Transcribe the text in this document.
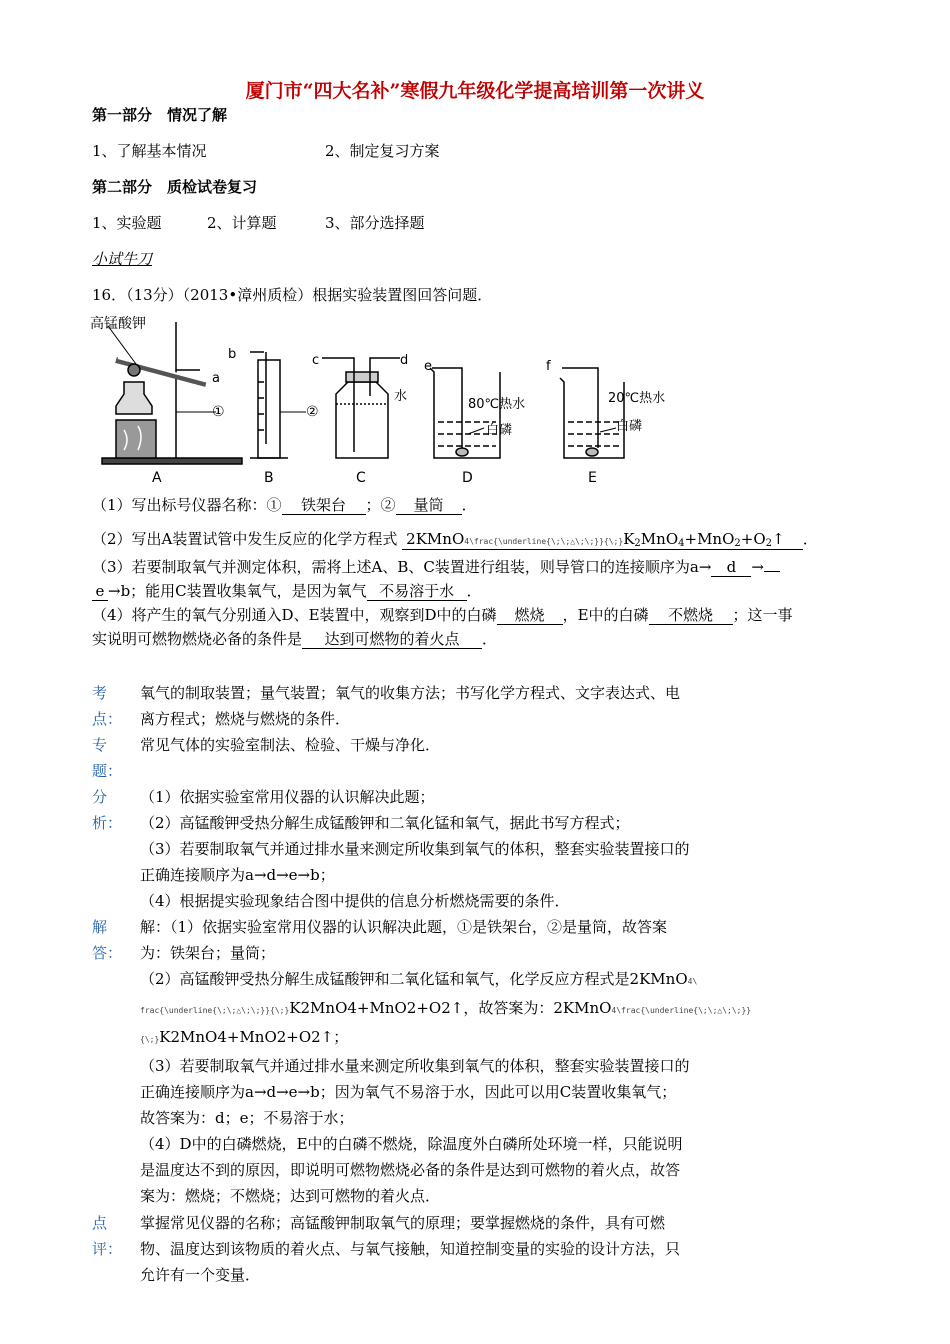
厦门市“四大名补”寒假九年级化学提高培训第一次讲义
第一部分　情况了解
1、了解基本情况	2、制定复习方案
第二部分　质检试卷复习
1、实验题	2、计算题	3、部分选择题
小试牛刀
16．（13分）（2013•漳州质检）根据实验装置图回答问题．
高锰酸钾
a
①
b
②
c	d
水
e
80℃热水
白磷
f
20℃热水
白磷
A	B	C	D	E
（1）写出标号仪器名称：① 铁架台 ；② 量筒 ．
（2）写出A装置试管中发生反应的化学方程式 $2KMnO4\backslash frac\{\backslash underline\{\backslash;\backslash;\triangle\backslash;\backslash;\}\}\{\backslash;\}K_2MnO_4+MnO_2+O_2↑$ ．
（3）若要制取氧气并测定体积，需将上述A、B、C装置进行组装，则导管口的连接顺序为a→ d →
e →b；能用C装置收集氧气，是因为氧气 不易溶于水 ．
（4）将产生的氧气分别通入D、E装置中，观察到D中的白磷 燃烧 ，E中的白磷 不燃烧 ；这一事
实说明可燃物燃烧必备的条件是 达到可燃物的着火点 ．
考
点：

氧气的制取装置；量气装置；氧气的收集方法；书写化学方程式、文字表达式、电

离方程式；燃烧与燃烧的条件．

专
题：

常见气体的实验室制法、检验、干燥与净化．

分
析：

（1）依据实验室常用仪器的认识解决此题；

（2）高锰酸钾受热分解生成锰酸钾和二氧化锰和氧气，据此书写方程式；

（3）若要制取氧气并通过排水量来测定所收集到氧气的体积，整套实验装置接口的

正确连接顺序为a→d→e→b；

（4）根据提实验现象结合图中提供的信息分析燃烧需要的条件．

解
答：

解：（1）依据实验室常用仪器的认识解决此题，①是铁架台，②是量筒，故答案

为：铁架台；量筒；

（2）高锰酸钾受热分解生成锰酸钾和二氧化锰和氧气，化学反应方程式是2KMnO4\

frac{\underline{\;\;△\;\;}}{\;}K2MnO4+MnO2+O2↑，故答案为：2KMnO4\frac{\underline{\;\;△\;\;}}

{\;}K2MnO4+MnO2+O2↑；

（3）若要制取氧气并通过排水量来测定所收集到氧气的体积，整套实验装置接口的

正确连接顺序为a→d→e→b；因为氧气不易溶于水，因此可以用C装置收集氧气；

故答案为：d；e；不易溶于水；

（4）D中的白磷燃烧，E中的白磷不燃烧，除温度外白磷所处环境一样，只能说明

是温度达不到的原因，即说明可燃物燃烧必备的条件是达到可燃物的着火点，故答

案为：燃烧；不燃烧；达到可燃物的着火点．

点
评：

掌握常见仪器的名称；高锰酸钾制取氧气的原理；要掌握燃烧的条件，具有可燃

物、温度达到该物质的着火点、与氧气接触，知道控制变量的实验的设计方法，只

允许有一个变量．
